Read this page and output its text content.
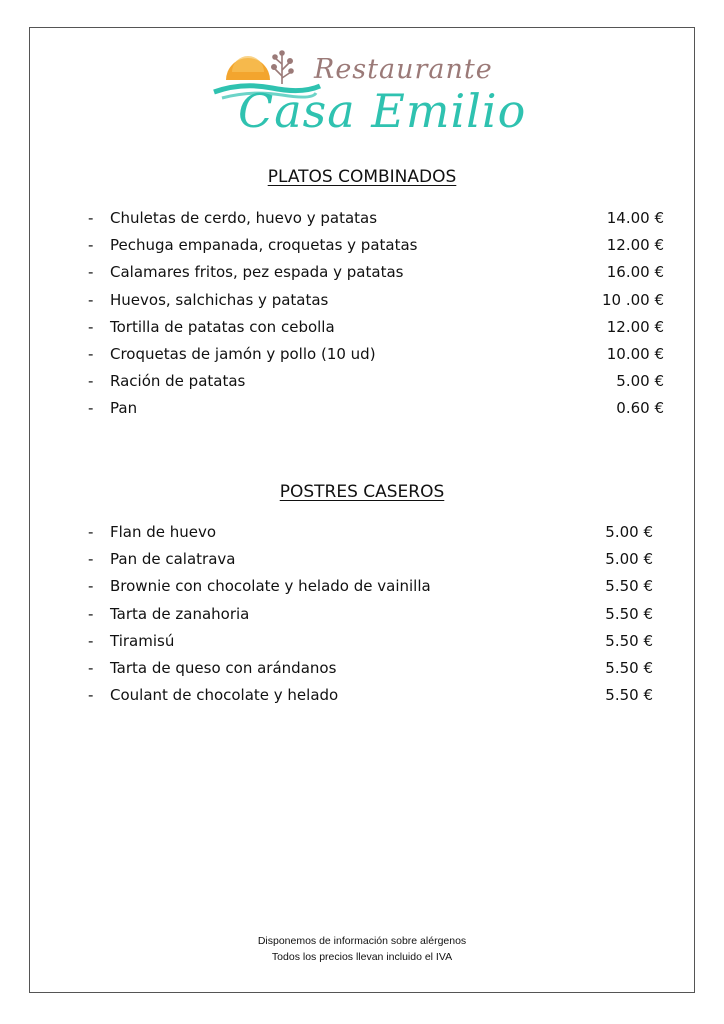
Restaurante
Casa Emilio
PLATOS COMBINADOS
- Chuletas de cerdo, huevo y patatas	14.00 €
- Pechuga empanada, croquetas y patatas	12.00 €
- Calamares fritos, pez espada y patatas	16.00 €
- Huevos, salchichas y patatas	10 .00 €
- Tortilla de patatas con cebolla	12.00 €
- Croquetas de jamón y pollo (10 ud)	10.00 €
- Ración de patatas	5.00 €
- Pan	0.60 €
POSTRES CASEROS
- Flan de huevo	5.00 €
- Pan de calatrava	5.00 €
- Brownie con chocolate y helado de vainilla	5.50 €
- Tarta de zanahoria	5.50 €
- Tiramisú	5.50 €
- Tarta de queso con arándanos	5.50 €
- Coulant de chocolate y helado	5.50 €
Disponemos de información sobre alérgenos
Todos los precios llevan incluido el IVA
